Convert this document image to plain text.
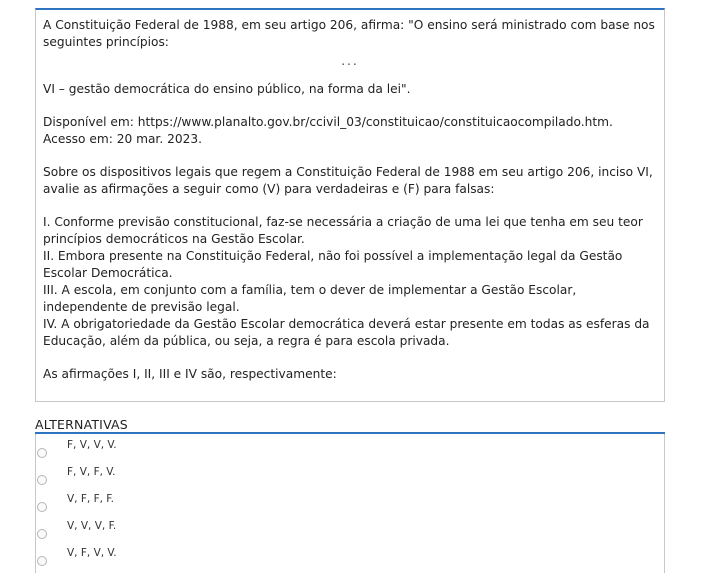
A Constituição Federal de 1988, em seu artigo 206, afirma: "O ensino será ministrado com base nos seguintes princípios:

...

VI – gestão democrática do ensino público, na forma da lei".

Disponível em: https://www.planalto.gov.br/ccivil_03/constituicao/constituicaocompilado.htm. Acesso em: 20 mar. 2023.

Sobre os dispositivos legais que regem a Constituição Federal de 1988 em seu artigo 206, inciso VI, avalie as afirmações a seguir como (V) para verdadeiras e (F) para falsas:

I. Conforme previsão constitucional, faz-se necessária a criação de uma lei que tenha em seu teor princípios democráticos na Gestão Escolar.

II. Embora presente na Constituição Federal, não foi possível a implementação legal da Gestão Escolar Democrática.

III. A escola, em conjunto com a família, tem o dever de implementar a Gestão Escolar, independente de previsão legal.

IV. A obrigatoriedade da Gestão Escolar democrática deverá estar presente em todas as esferas da Educação, além da pública, ou seja, a regra é para escola privada.

As afirmações I, II, III e IV são, respectivamente:

ALTERNATIVAS
F, V, V, V.
F, V, F, V.
V, F, F, F.
V, V, V, F.
V, F, V, V.
